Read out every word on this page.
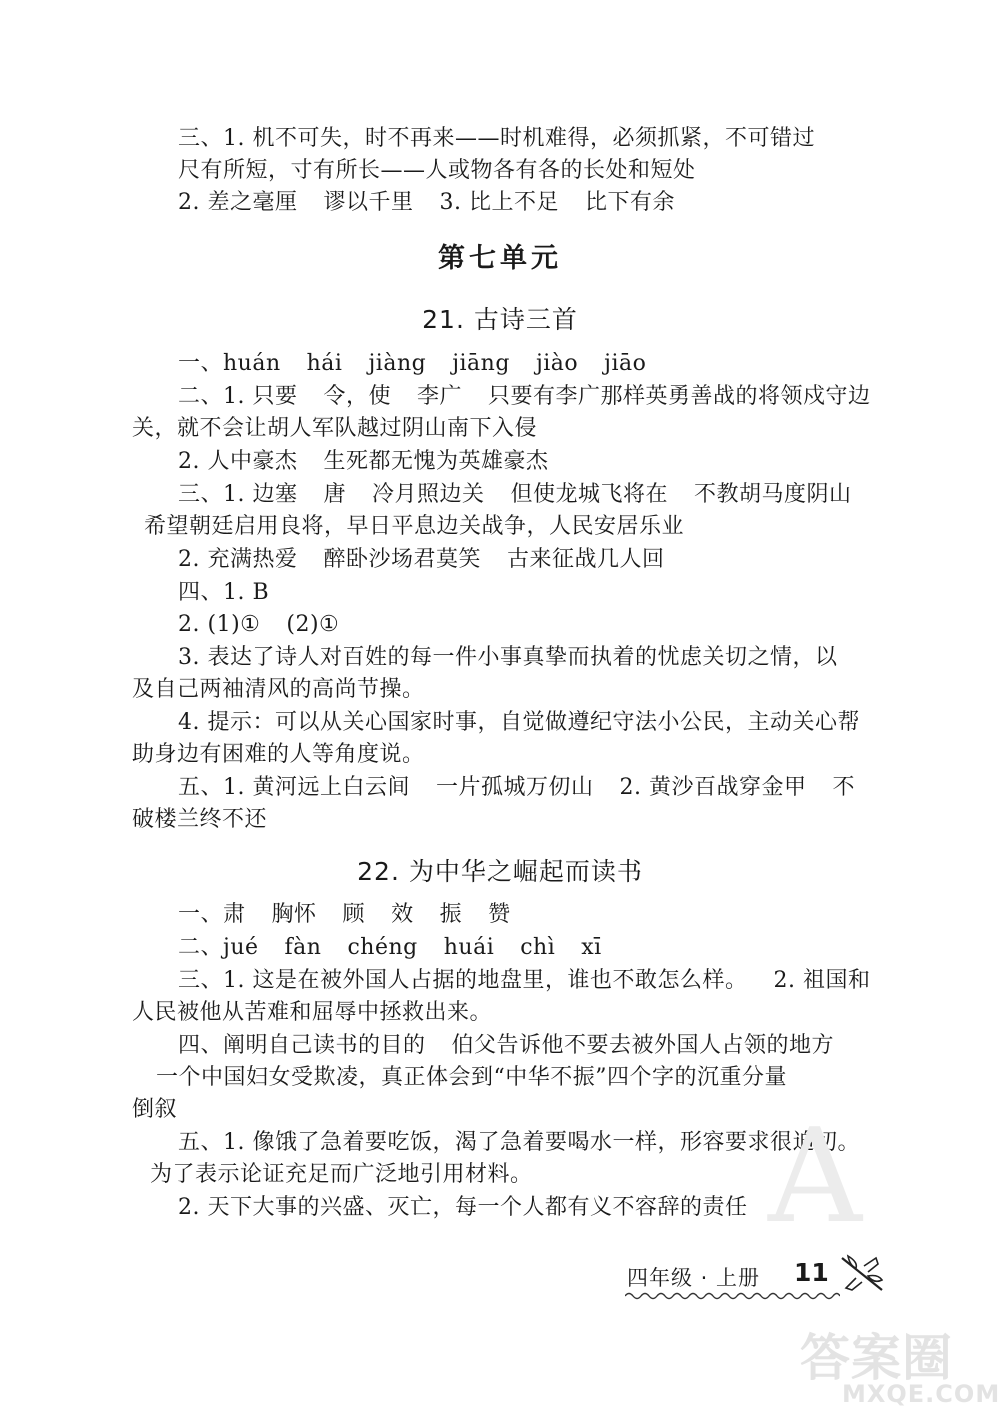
三、1. 机不可失，时不再来——时机难得，必须抓紧，不可错过
尺有所短，寸有所长——人或物各有各的长处和短处
2. 差之毫厘 谬以千里 3. 比上不足 比下有余
第七单元
21. 古诗三首
一、huán hái jiàng jiāng jiào jiāo
二、1. 只要 令，使 李广 只要有李广那样英勇善战的将领戍守边
关，就不会让胡人军队越过阴山南下入侵
2. 人中豪杰 生死都无愧为英雄豪杰
三、1. 边塞 唐 冷月照边关 但使龙城飞将在 不教胡马度阴山
希望朝廷启用良将，早日平息边关战争，人民安居乐业
2. 充满热爱 醉卧沙场君莫笑 古来征战几人回
四、1. B
2. (1)① (2)①
3. 表达了诗人对百姓的每一件小事真挚而执着的忧虑关切之情，以
及自己两袖清风的高尚节操。
4. 提示：可以从关心国家时事，自觉做遵纪守法小公民，主动关心帮
助身边有困难的人等角度说。
五、1. 黄河远上白云间 一片孤城万仞山 2. 黄沙百战穿金甲 不
破楼兰终不还
22. 为中华之崛起而读书
一、肃 胸怀 顾 效 振 赞
二、jué fàn chéng huái chì xī
三、1. 这是在被外国人占据的地盘里，谁也不敢怎么样。 2. 祖国和
人民被他从苦难和屈辱中拯救出来。
四、阐明自己读书的目的 伯父告诉他不要去被外国人占领的地方
一个中国妇女受欺凌，真正体会到“中华不振”四个字的沉重分量
倒叙
五、1. 像饿了急着要吃饭，渴了急着要喝水一样，形容要求很迫切。
为了表示论证充足而广泛地引用材料。
2. 天下大事的兴盛、灭亡，每一个人都有义不容辞的责任 A
四年级 · 上册 11
答案圈
MXQE.COM
